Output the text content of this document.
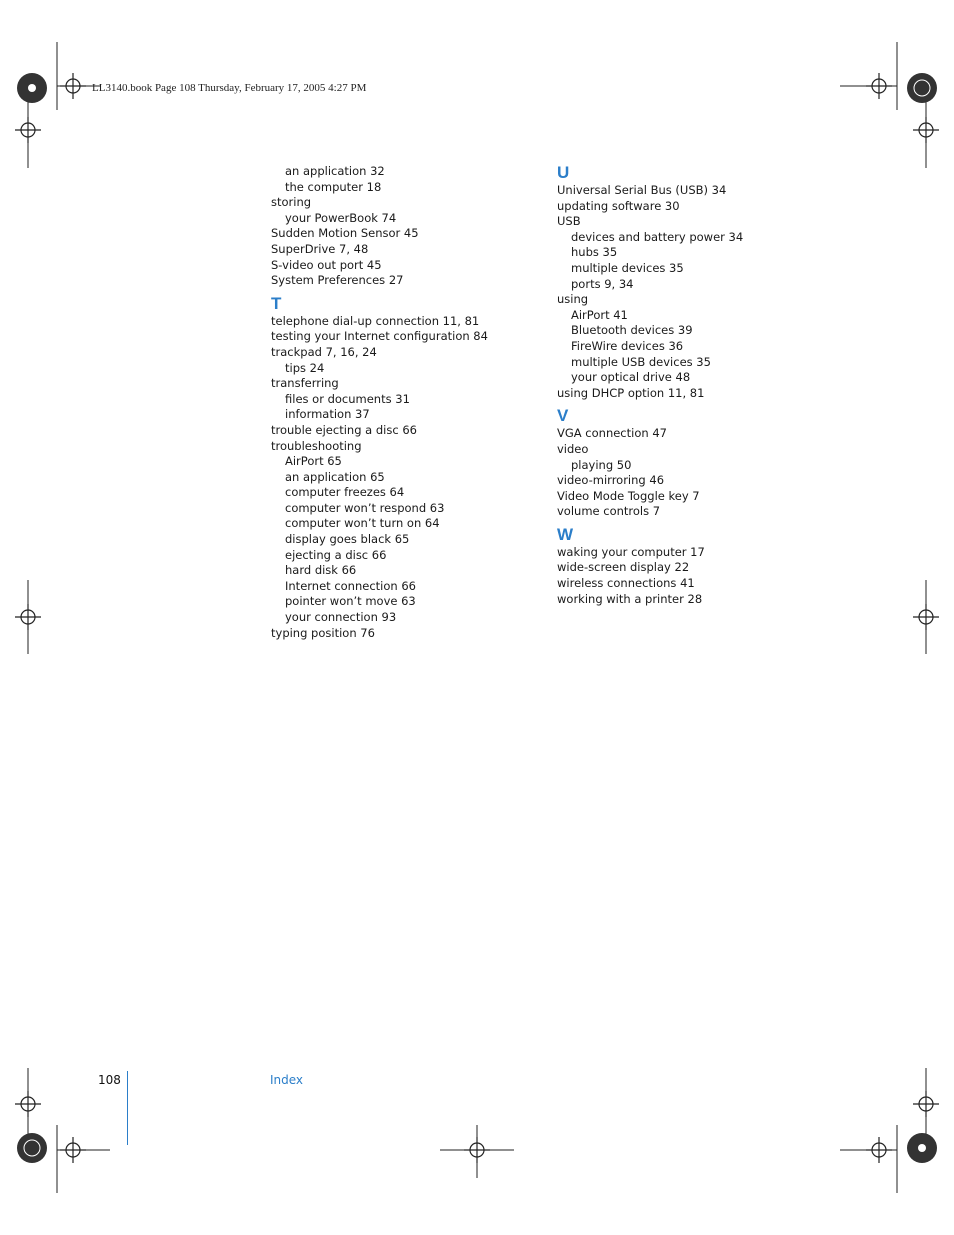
LL3140.book Page 108 Thursday, February 17, 2005 4:27 PM
an application 32
the computer 18
storing
your PowerBook 74
Sudden Motion Sensor 45
SuperDrive 7, 48
S-video out port 45
System Preferences 27
T
telephone dial-up connection 11, 81
testing your Internet configuration 84
trackpad 7, 16, 24
tips 24
transferring
files or documents 31
information 37
trouble ejecting a disc 66
troubleshooting
AirPort 65
an application 65
computer freezes 64
computer won’t respond 63
computer won’t turn on 64
display goes black 65
ejecting a disc 66
hard disk 66
Internet connection 66
pointer won’t move 63
your connection 93
typing position 76
U
Universal Serial Bus (USB) 34
updating software 30
USB
devices and battery power 34
hubs 35
multiple devices 35
ports 9, 34
using
AirPort 41
Bluetooth devices 39
FireWire devices 36
multiple USB devices 35
your optical drive 48
using DHCP option 11, 81
V
VGA connection 47
video
playing 50
video-mirroring 46
Video Mode Toggle key 7
volume controls 7
W
waking your computer 17
wide-screen display 22
wireless connections 41
working with a printer 28
108	Index
